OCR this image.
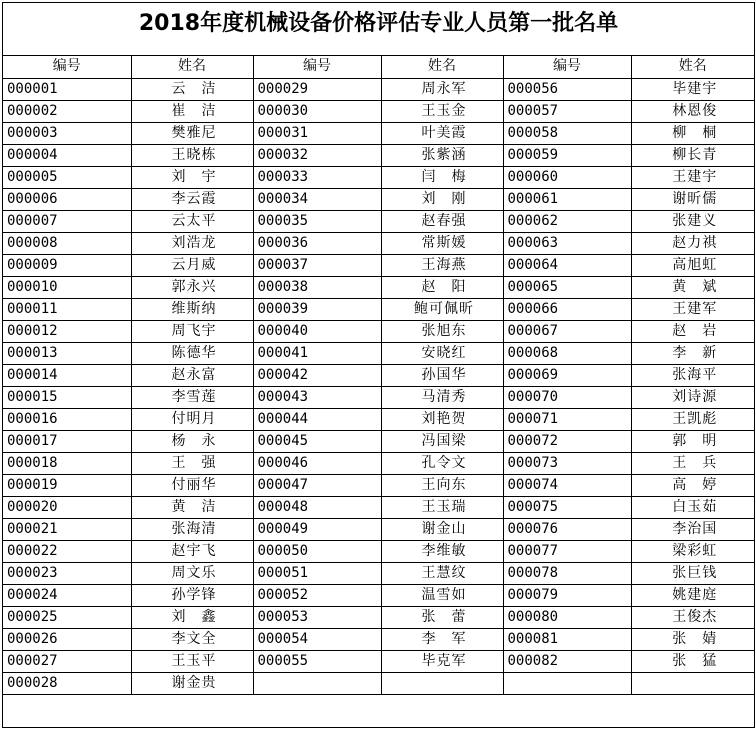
2018年度机械设备价格评估专业人员第一批名单
编号	姓名	编号	姓名	编号	姓名
000001	云　洁	000029	周永军	000056	毕建宇
000002	崔　洁	000030	王玉金	000057	林恩俊
000003	樊雅尼	000031	叶美霞	000058	柳　桐
000004	王晓栋	000032	张紫涵	000059	柳长青
000005	刘　宇	000033	闫　梅	000060	王建宇
000006	李云霞	000034	刘　刚	000061	谢昕儒
000007	云太平	000035	赵春强	000062	张建义
000008	刘浩龙	000036	常斯媛	000063	赵力祺
000009	云月威	000037	王海燕	000064	高旭虹
000010	郭永兴	000038	赵　阳	000065	黄　斌
000011	维斯纳	000039	鲍可佩昕	000066	王建军
000012	周飞宇	000040	张旭东	000067	赵　岩
000013	陈德华	000041	安晓红	000068	李　新
000014	赵永富	000042	孙国华	000069	张海平
000015	李雪莲	000043	马清秀	000070	刘诗源
000016	付明月	000044	刘艳贺	000071	王凯彪
000017	杨　永	000045	冯国梁	000072	郭　明
000018	王　强	000046	孔令文	000073	王　兵
000019	付丽华	000047	王向东	000074	高　婷
000020	黄　洁	000048	王玉瑞	000075	白玉茹
000021	张海清	000049	谢金山	000076	李治国
000022	赵宇飞	000050	李维敏	000077	梁彩虹
000023	周文乐	000051	王慧纹	000078	张巨钱
000024	孙学锋	000052	温雪如	000079	姚建庭
000025	刘　鑫	000053	张　蕾	000080	王俊杰
000026	李文全	000054	李　军	000081	张　婧
000027	王玉平	000055	毕克军	000082	张　猛
000028	谢金贵				
